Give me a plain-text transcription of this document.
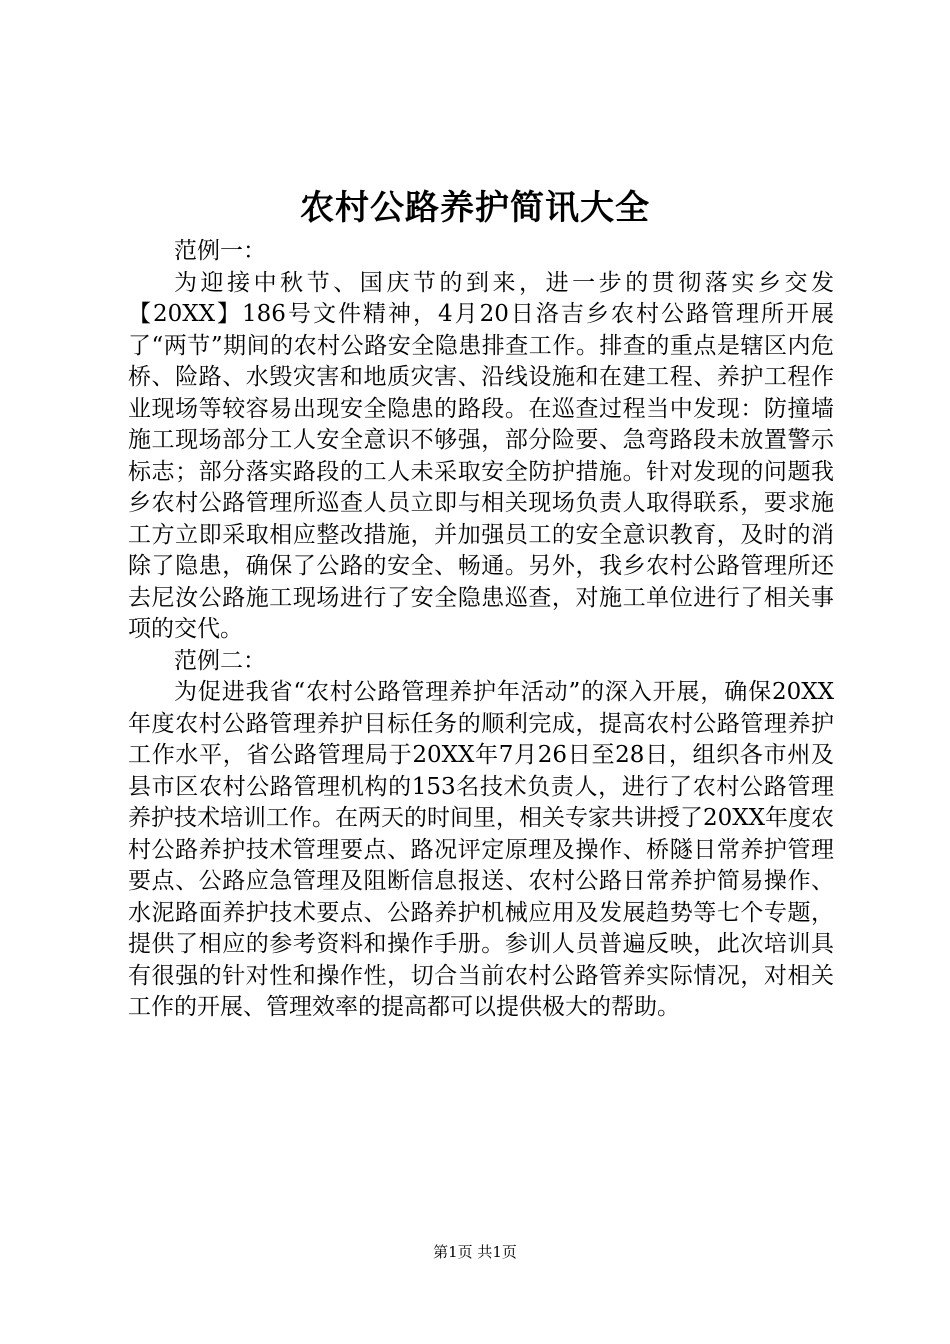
农村公路养护简讯大全

范例一：

为迎接中秋节、国庆节的到来，进一步的贯彻落实乡交发【20XX】186号文件精神，4月20日洛吉乡农村公路管理所开展了“两节”期间的农村公路安全隐患排查工作。排查的重点是辖区内危桥、险路、水毁灾害和地质灾害、沿线设施和在建工程、养护工程作业现场等较容易出现安全隐患的路段。在巡查过程当中发现：防撞墙施工现场部分工人安全意识不够强，部分险要、急弯路段未放置警示标志；部分落实路段的工人未采取安全防护措施。针对发现的问题我乡农村公路管理所巡查人员立即与相关现场负责人取得联系，要求施工方立即采取相应整改措施，并加强员工的安全意识教育，及时的消除了隐患，确保了公路的安全、畅通。另外，我乡农村公路管理所还去尼汝公路施工现场进行了安全隐患巡查，对施工单位进行了相关事项的交代。

范例二：

为促进我省“农村公路管理养护年活动”的深入开展，确保20XX年度农村公路管理养护目标任务的顺利完成，提高农村公路管理养护工作水平，省公路管理局于20XX年7月26日至28日，组织各市州及县市区农村公路管理机构的153名技术负责人，进行了农村公路管理养护技术培训工作。在两天的时间里，相关专家共讲授了20XX年度农村公路养护技术管理要点、路况评定原理及操作、桥隧日常养护管理要点、公路应急管理及阻断信息报送、农村公路日常养护简易操作、水泥路面养护技术要点、公路养护机械应用及发展趋势等七个专题，提供了相应的参考资料和操作手册。参训人员普遍反映，此次培训具有很强的针对性和操作性，切合当前农村公路管养实际情况，对相关工作的开展、管理效率的提高都可以提供极大的帮助。

第1页 共1页
